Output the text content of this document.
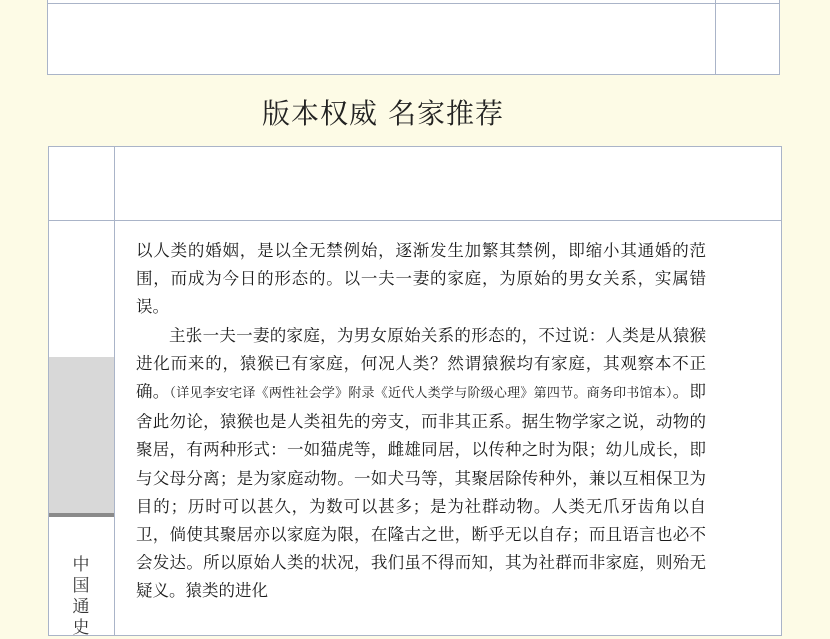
版本权威 名家推荐
中国通史

以人类的婚姻，是以全无禁例始，逐渐发生加繁其禁例，即缩小其通婚的范围，而成为今日的形态的。以一夫一妻的家庭，为原始的男女关系，实属错误。

主张一夫一妻的家庭，为男女原始关系的形态的，不过说：人类是从猿猴进化而来的，猿猴已有家庭，何况人类？然谓猿猴均有家庭，其观察本不正确。（详见李安宅译《两性社会学》附录《近代人类学与阶级心理》第四节。商务印书馆本）。即舍此勿论，猿猴也是人类祖先的旁支，而非其正系。据生物学家之说，动物的聚居，有两种形式：一如猫虎等，雌雄同居，以传种之时为限；幼儿成长，即与父母分离；是为家庭动物。一如犬马等，其聚居除传种外，兼以互相保卫为目的；历时可以甚久，为数可以甚多；是为社群动物。人类无爪牙齿角以自卫，倘使其聚居亦以家庭为限，在隆古之世，断乎无以自存；而且语言也必不会发达。所以原始人类的状况，我们虽不得而知，其为社群而非家庭，则殆无疑义。猿类的进化
